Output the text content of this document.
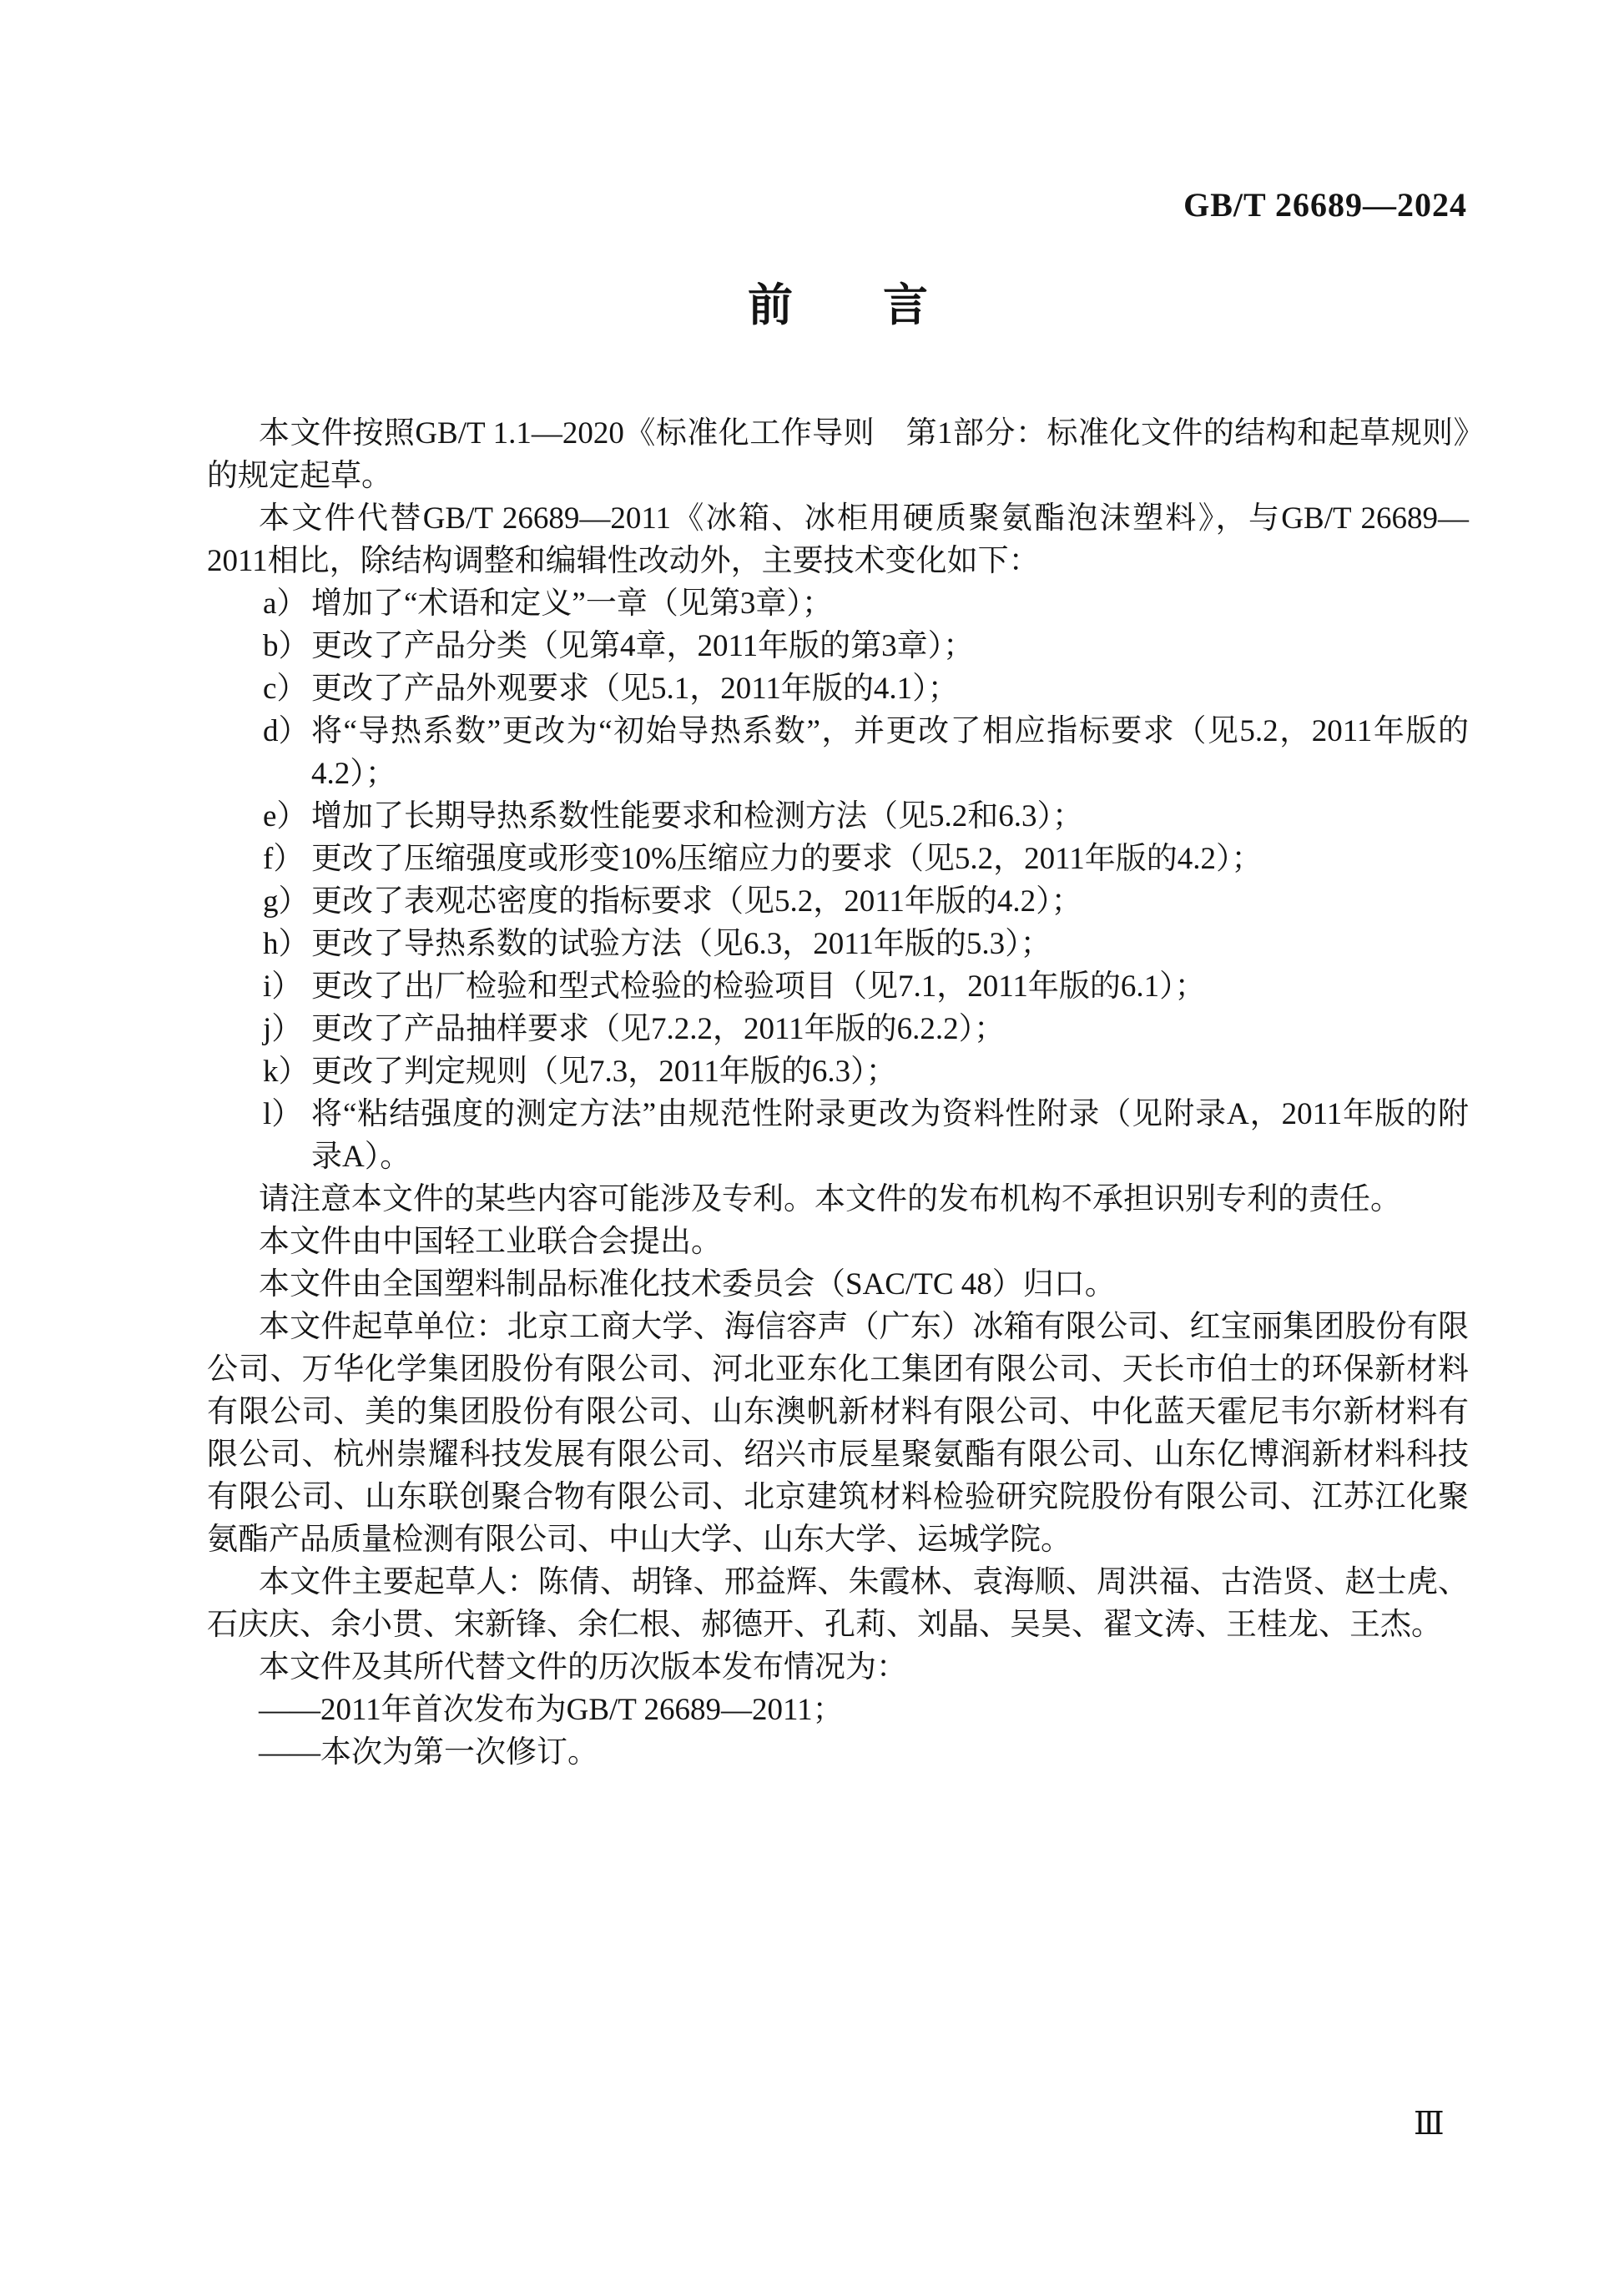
GB/T 26689—2024
前　　言

本文件按照GB/T 1.1—2020《标准化工作导则　第1部分：标准化文件的结构和起草规则》的规定起草。

本文件代替GB/T 26689—2011《冰箱、冰柜用硬质聚氨酯泡沫塑料》，与GB/T 26689—2011相比，除结构调整和编辑性改动外，主要技术变化如下：

a） 增加了“术语和定义”一章（见第3章）；
b） 更改了产品分类（见第4章，2011年版的第3章）；
c） 更改了产品外观要求（见5.1，2011年版的4.1）；
d） 将“导热系数”更改为“初始导热系数”，并更改了相应指标要求（见5.2，2011年版的4.2）；
e） 增加了长期导热系数性能要求和检测方法（见5.2和6.3）；
f） 更改了压缩强度或形变10%压缩应力的要求（见5.2，2011年版的4.2）；
g） 更改了表观芯密度的指标要求（见5.2，2011年版的4.2）；
h） 更改了导热系数的试验方法（见6.3，2011年版的5.3）；
i） 更改了出厂检验和型式检验的检验项目（见7.1，2011年版的6.1）；
j） 更改了产品抽样要求（见7.2.2，2011年版的6.2.2）；
k） 更改了判定规则（见7.3，2011年版的6.3）；
l） 将“粘结强度的测定方法”由规范性附录更改为资料性附录（见附录A，2011年版的附录A）。

请注意本文件的某些内容可能涉及专利。本文件的发布机构不承担识别专利的责任。

本文件由中国轻工业联合会提出。

本文件由全国塑料制品标准化技术委员会（SAC/TC 48）归口。

本文件起草单位：北京工商大学、海信容声（广东）冰箱有限公司、红宝丽集团股份有限公司、万华化学集团股份有限公司、河北亚东化工集团有限公司、天长市伯士的环保新材料有限公司、美的集团股份有限公司、山东澳帆新材料有限公司、中化蓝天霍尼韦尔新材料有限公司、杭州崇耀科技发展有限公司、绍兴市辰星聚氨酯有限公司、山东亿博润新材料科技有限公司、山东联创聚合物有限公司、北京建筑材料检验研究院股份有限公司、江苏江化聚氨酯产品质量检测有限公司、中山大学、山东大学、运城学院。

本文件主要起草人：陈倩、胡锋、邢益辉、朱霞林、袁海顺、周洪福、古浩贤、赵士虎、石庆庆、余小贯、宋新锋、余仁根、郝德开、孔莉、刘晶、吴昊、翟文涛、王桂龙、王杰。

本文件及其所代替文件的历次版本发布情况为：

——2011年首次发布为GB/T 26689—2011；

——本次为第一次修订。

Ⅲ
